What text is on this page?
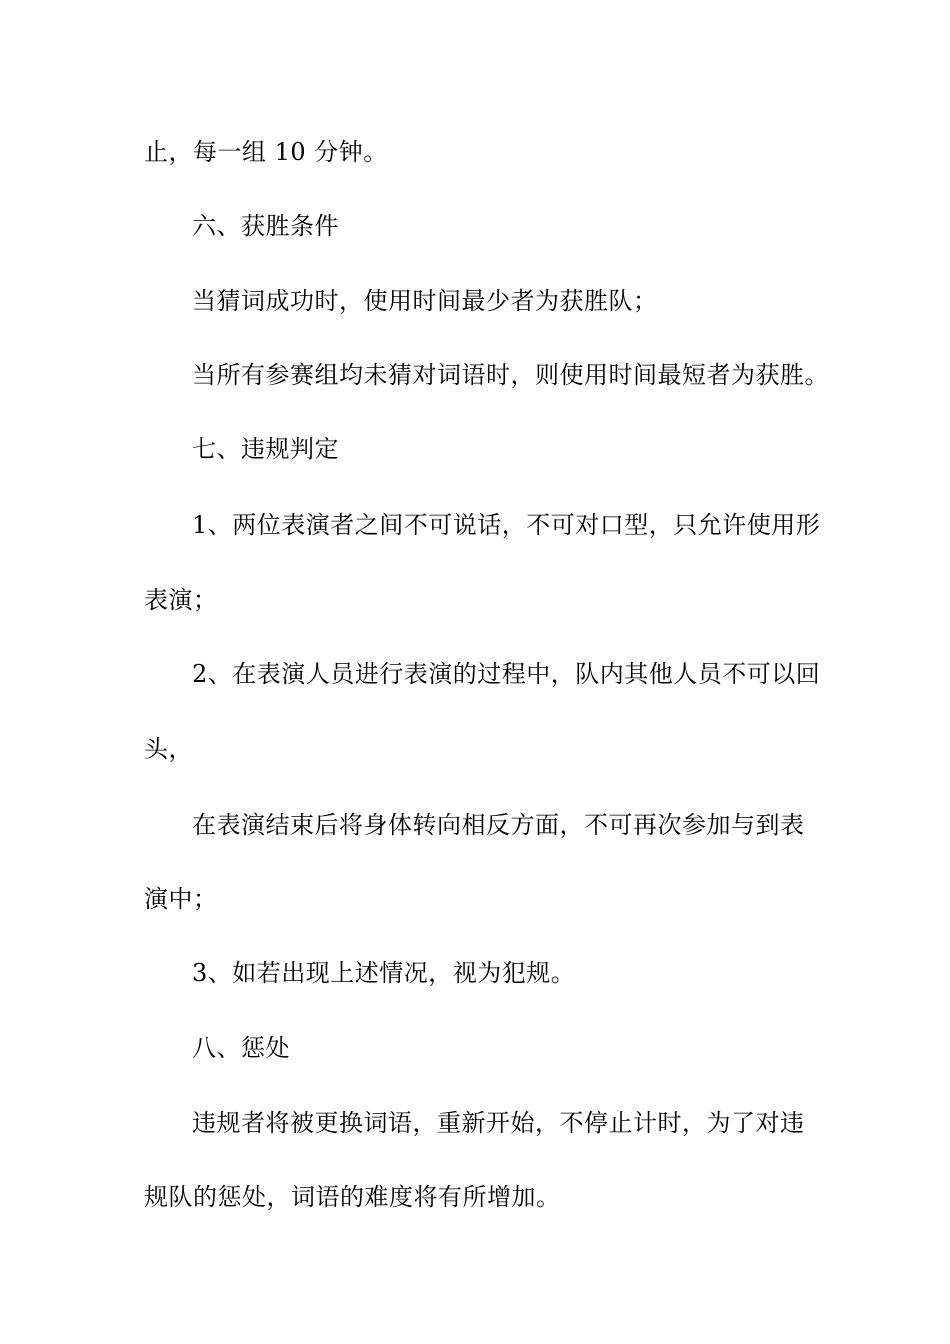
止，每一组 10 分钟。
六、获胜条件
当猜词成功时，使用时间最少者为获胜队；
当所有参赛组均未猜对词语时，则使用时间最短者为获胜。
七、违规判定
1、两位表演者之间不可说话，不可对口型，只允许使用形
表演；
2、在表演人员进行表演的过程中，队内其他人员不可以回
头，
在表演结束后将身体转向相反方面，不可再次参加与到表
演中；
3、如若出现上述情况，视为犯规。
八、惩处
违规者将被更换词语，重新开始，不停止计时，为了对违
规队的惩处，词语的难度将有所增加。
